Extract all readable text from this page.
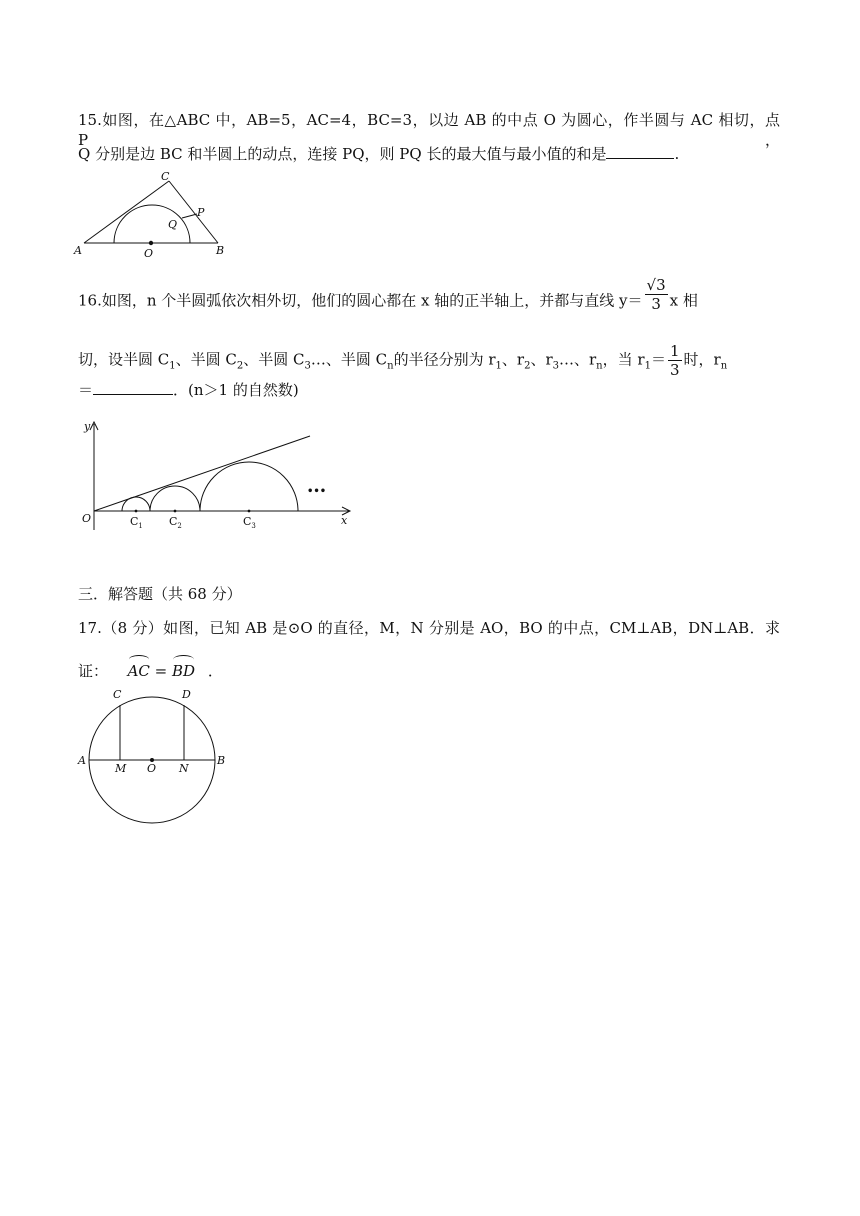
15.如图，在△ABC 中，AB=5，AC=4，BC=3，以边 AB 的中点 O 为圆心，作半圆与 AC 相切，点 P，
Q 分别是边 BC 和半圆上的动点，连接 PQ，则 PQ 长的最大值与最小值的和是	.
A	B
C
O
P
Q
16.如图，n 个半圆弧依次相外切，他们的圆心都在 x 轴的正半轴上，并都与直线 $y= \frac{√3}{3}$ x 相
切，设半圆 $C_1$、半圆 $C_2$、半圆 $C_3\dots$、半圆 $C_n$的半径分别为 $r_1$、$r_2$、$r_3\dots$、$r_n$，当 $r_1= \frac{1}{3}$ 时，$r_n$
＝	．(n＞1 的自然数)
y
x
O	$C_1$ $C_2$	$C_3$
•••
三．解答题（共 68 分）
17.（8 分）如图，已知 AB 是⊙O 的直径，M，N 分别是 AO，BO 的中点，CM⊥AB，DN⊥AB．求
证： AC = BD ．
A	B
C	D
M O N
